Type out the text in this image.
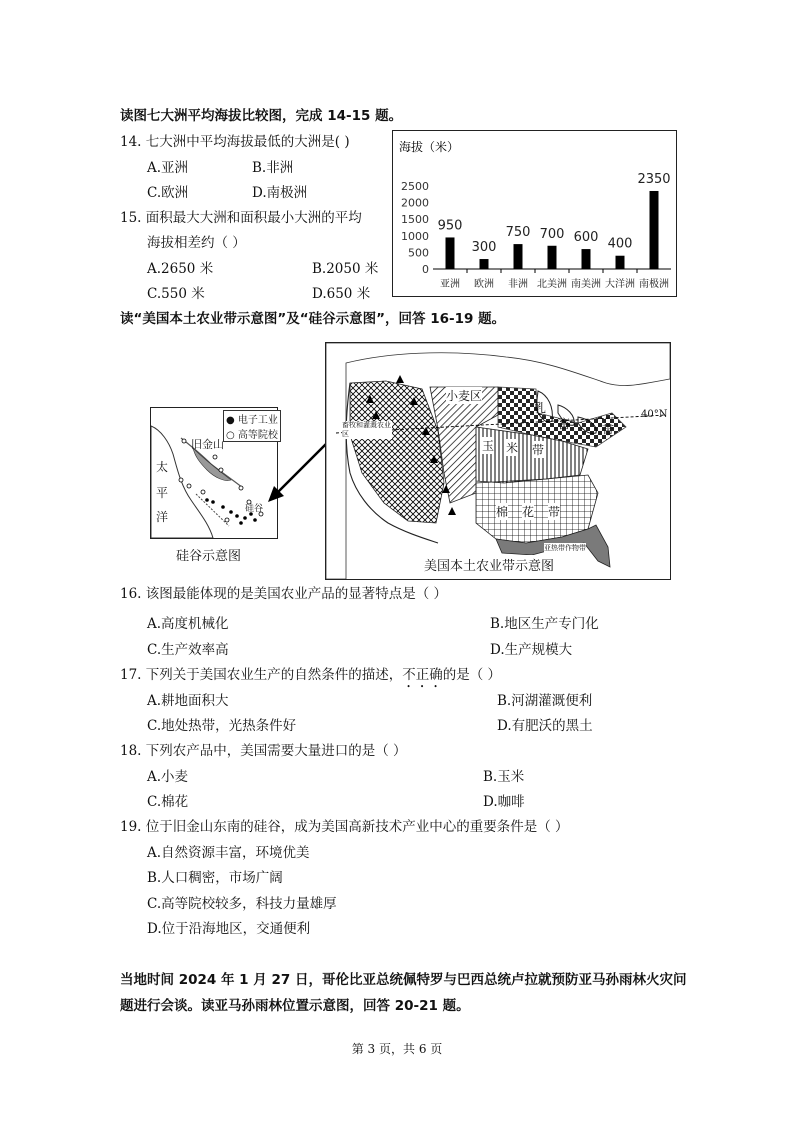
读图七大洲平均海拔比较图，完成 14-15 题。
14. 七大洲中平均海拔最低的大洲是( )
A.亚洲	B.非洲
C.欧洲	D.南极洲
15. 面积最大大洲和面积最小大洲的平均
海拔相差约（ ）
A.2650 米	B.2050 米
C.550 米	D.650 米
海拔（米）
0
500
1000
1500
2000
2500
950
亚洲
300
欧洲
750
非洲
700
北美洲
600
南美洲
400
大洋洲
2350
南极洲
读“美国本土农业带示意图”及“硅谷示意图”，回答 16-19 题。
● 电子工业
○ 高等院校
旧金山
太
平
洋
硅谷
硅谷示意图
小麦区
乳
畜	带
40°N
玉 米 带
棉 花 带
畜牧和灌溉农业区
亚热带作物带
美国本土农业带示意图
16. 该图最能体现的是美国农业产品的显著特点是（ ）
A.高度机械化	B.地区生产专门化
C.生产效率高	D.生产规模大
17. 下列关于美国农业生产的自然条件的描述，不正确的是（ ）
A.耕地面积大	B.河湖灌溉便利
C.地处热带，光热条件好	D.有肥沃的黑土
18. 下列农产品中，美国需要大量进口的是（ ）
A.小麦	B.玉米
C.棉花	D.咖啡
19. 位于旧金山东南的硅谷，成为美国高新技术产业中心的重要条件是（ ）
A.自然资源丰富，环境优美
B.人口稠密，市场广阔
C.高等院校较多，科技力量雄厚
D.位于沿海地区，交通便利
当地时间 2024 年 1 月 27 日，哥伦比亚总统佩特罗与巴西总统卢拉就预防亚马孙雨林火灾问
题进行会谈。读亚马孙雨林位置示意图，回答 20-21 题。
第 3 页，共 6 页
